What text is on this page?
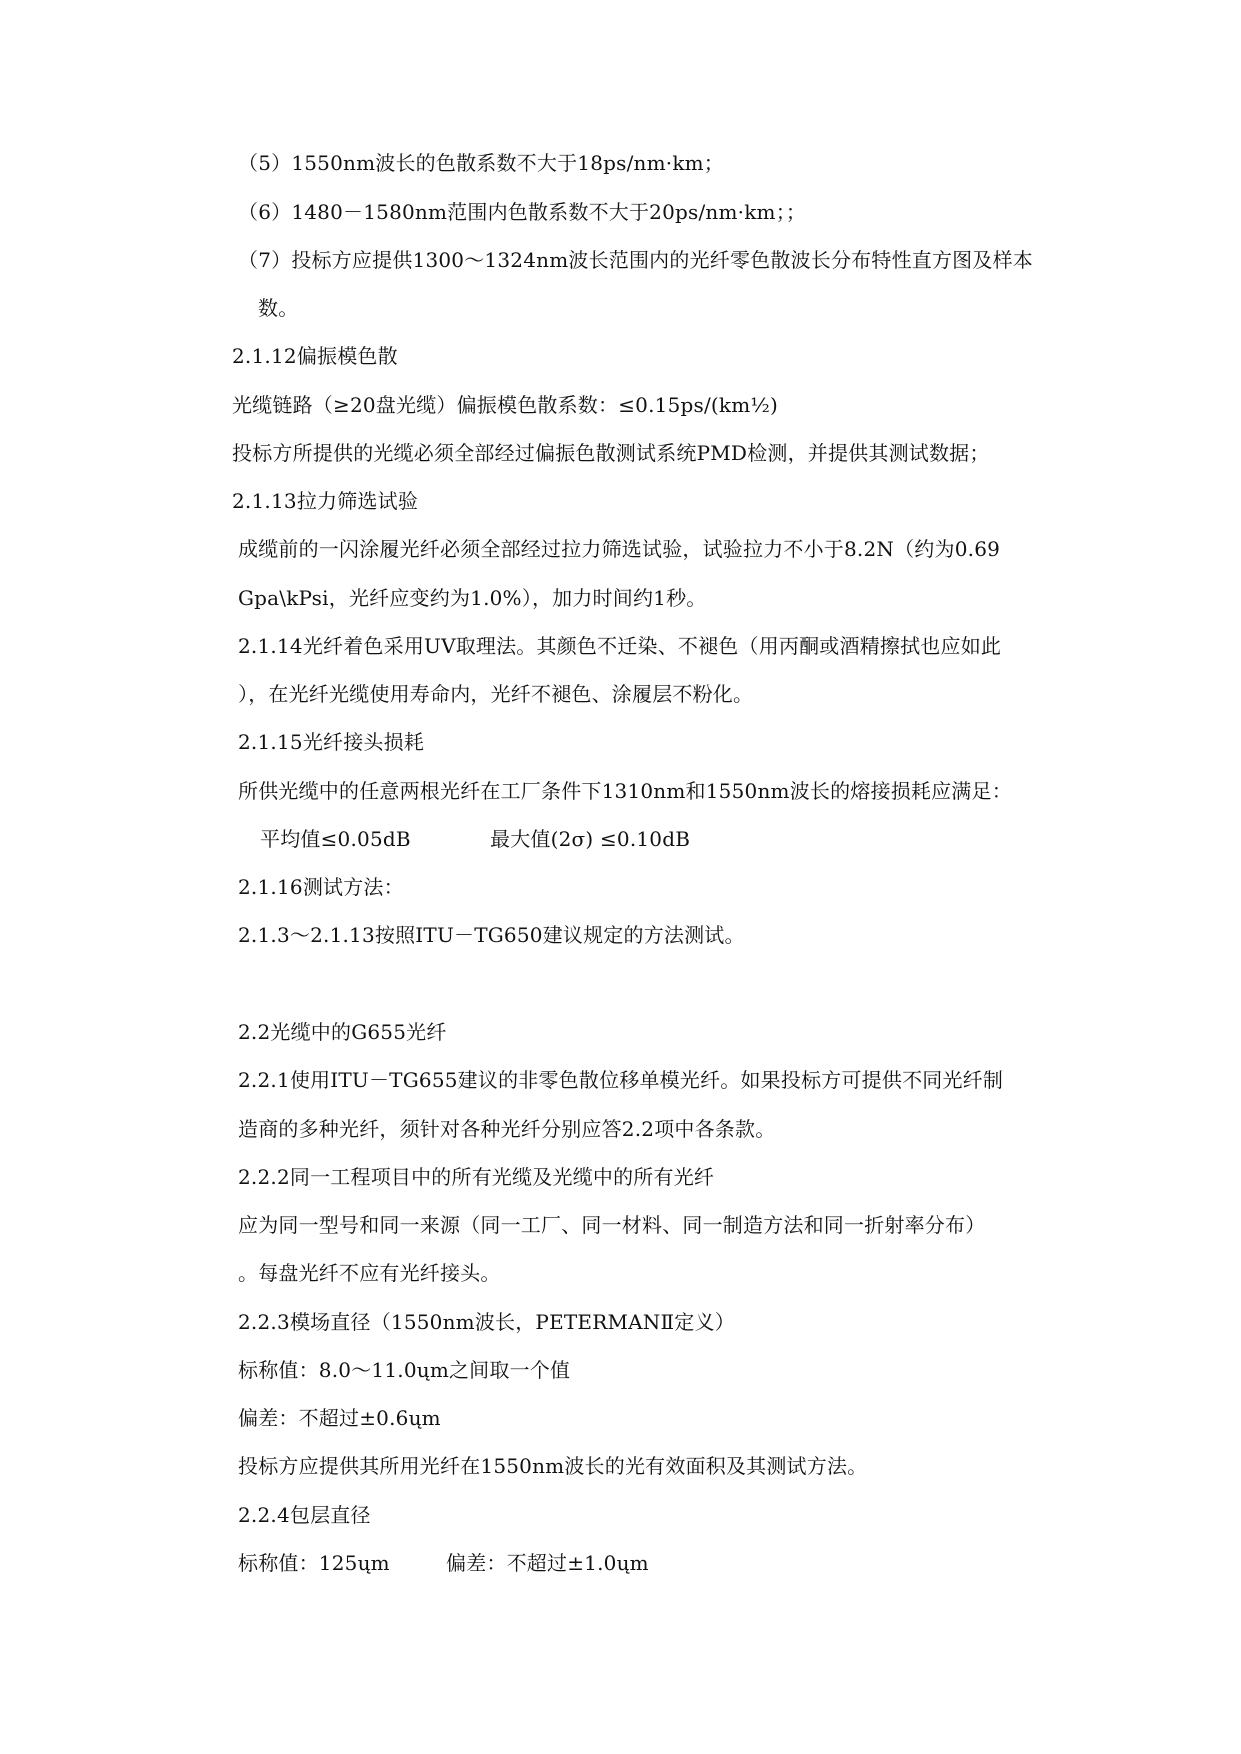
（5）1550nm波长的色散系数不大于18ps/nm·km；
（6）1480－1580nm范围内色散系数不大于20ps/nm·km；；
（7）投标方应提供1300～1324nm波长范围内的光纤零色散波长分布特性直方图及样本
数。
2.1.12偏振模色散
光缆链路（≥20盘光缆）偏振模色散系数：≤0.15ps/(km½)
投标方所提供的光缆必须全部经过偏振色散测试系统PMD检测，并提供其测试数据；
2.1.13拉力筛选试验
成缆前的一闪涂履光纤必须全部经过拉力筛选试验，试验拉力不小于8.2N（约为0.69
Gpa\kPsi，光纤应变约为1.0%），加力时间约1秒。
2.1.14光纤着色采用UV取理法。其颜色不迁染、不褪色（用丙酮或酒精擦拭也应如此
），在光纤光缆使用寿命内，光纤不褪色、涂履层不粉化。
2.1.15光纤接头损耗
所供光缆中的任意两根光纤在工厂条件下1310nm和1550nm波长的熔接损耗应满足：
平均值≤0.05dB	最大值(2σ) ≤0.10dB
2.1.16测试方法：
2.1.3～2.1.13按照ITU－TG650建议规定的方法测试。
2.2光缆中的G655光纤
2.2.1使用ITU－TG655建议的非零色散位移单模光纤。如果投标方可提供不同光纤制
造商的多种光纤，须针对各种光纤分别应答2.2项中各条款。
2.2.2同一工程项目中的所有光缆及光缆中的所有光纤
应为同一型号和同一来源（同一工厂、同一材料、同一制造方法和同一折射率分布）
。每盘光纤不应有光纤接头。
2.2.3模场直径（1550nm波长，PETERMANⅡ定义）
标称值：8.0～11.0ųm之间取一个值
偏差：不超过±0.6ųm
投标方应提供其所用光纤在1550nm波长的光有效面积及其测试方法。
2.2.4包层直径
标称值：125ųm	偏差：不超过±1.0ųm
